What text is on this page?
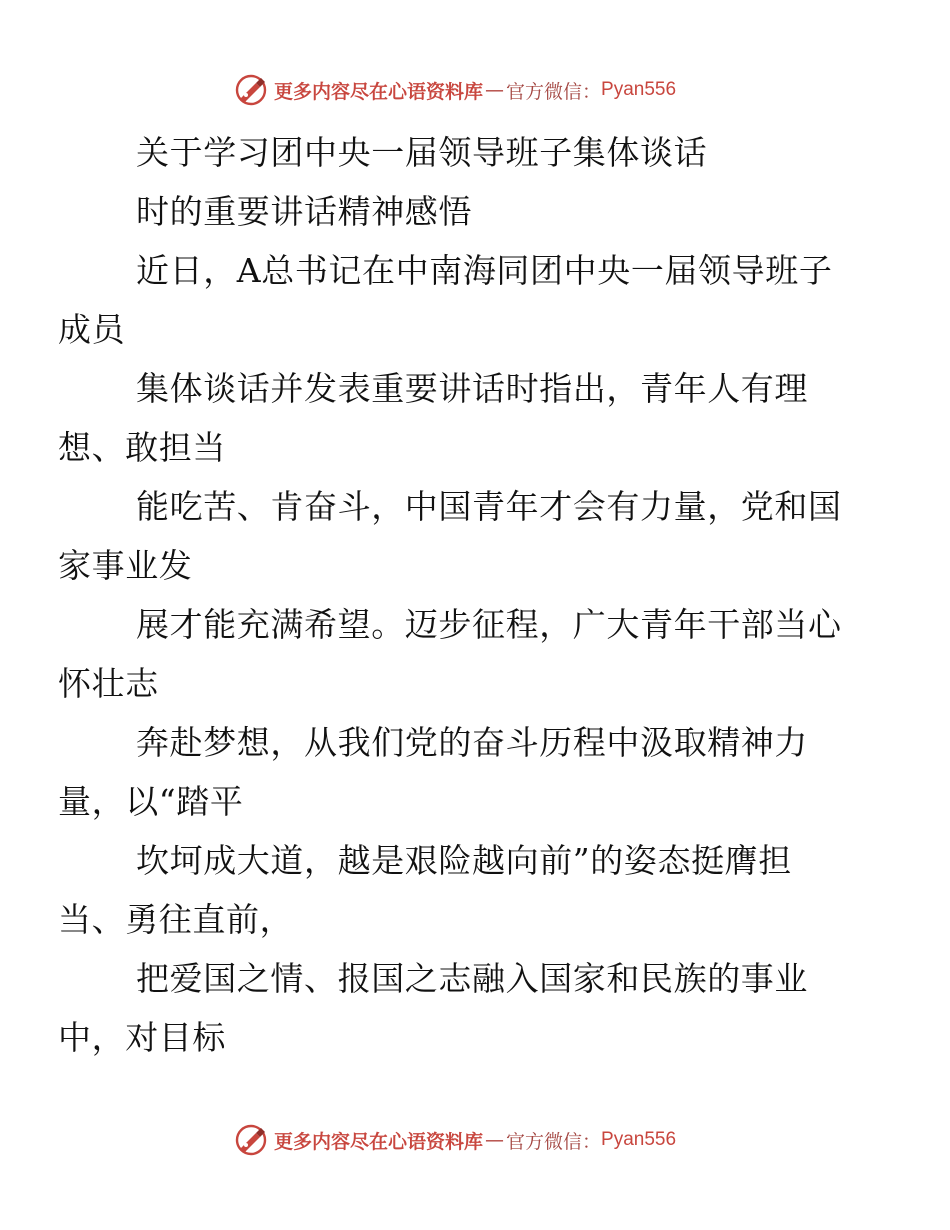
更多内容尽在心语资料库 — 官方微信： Pyan556

关于学习团中央一届领导班子集体谈话

时的重要讲话精神感悟

近日，A总书记在中南海同团中央一届领导班子
成员

集体谈话并发表重要讲话时指出，青年人有理
想、敢担当

能吃苦、肯奋斗，中国青年才会有力量，党和国
家事业发

展才能充满希望。迈步征程，广大青年干部当心
怀壮志

奔赴梦想，从我们党的奋斗历程中汲取精神力
量，以“踏平

坎坷成大道，越是艰险越向前”的姿态挺膺担
当、勇往直前，

把爱国之情、报国之志融入国家和民族的事业
中，对目标

更多内容尽在心语资料库 — 官方微信： Pyan556
